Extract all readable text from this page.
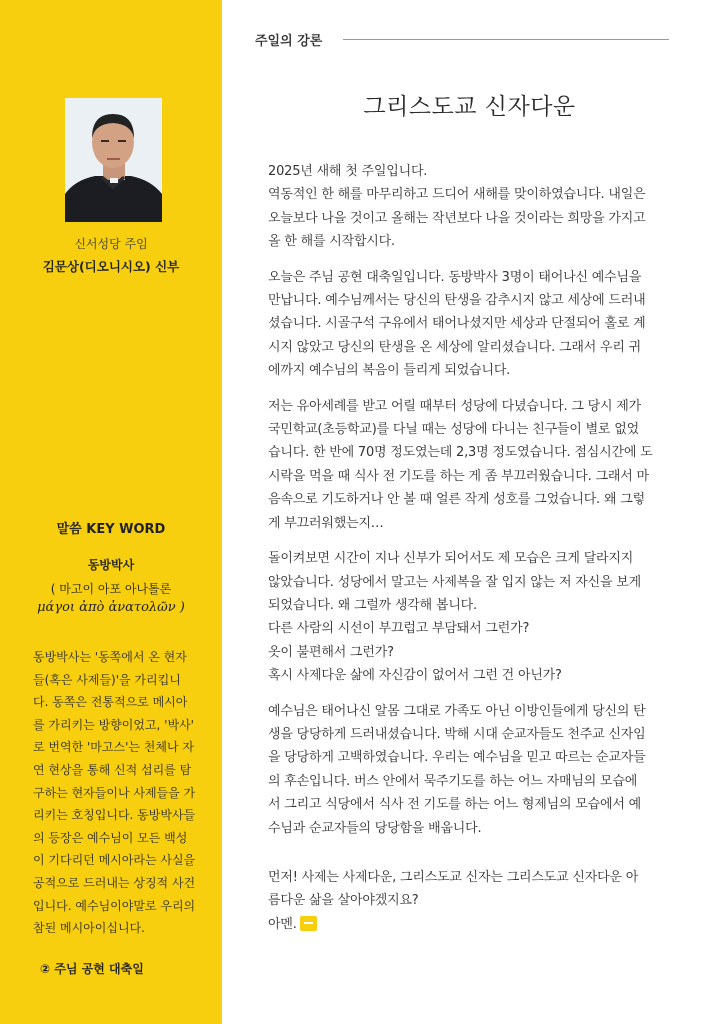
신서성당 주임
김문상(디오니시오) 신부
말씀 KEY WORD
동방박사
( 마고이 아포 아나톨론
μάγοι ἀπὸ ἀνατολῶν )
동방박사는 '동쪽에서 온 현자
들(혹은 사제들)'을 가리킵니
다. 동쪽은 전통적으로 메시아
를 가리키는 방향이었고, '박사'
로 번역한 '마고스'는 천체나 자
연 현상을 통해 신적 섭리를 탐
구하는 현자들이나 사제들을 가
리키는 호칭입니다. 동방박사들
의 등장은 예수님이 모든 백성
이 기다리던 메시아라는 사실을
공적으로 드러내는 상징적 사건
입니다. 예수님이야말로 우리의
참된 메시아이십니다.
② 주님 공현 대축일
주일의 강론
그리스도교 신자다운
2025년 새해 첫 주일입니다.
역동적인 한 해를 마무리하고 드디어 새해를 맞이하였습니다. 내일은
오늘보다 나을 것이고 올해는 작년보다 나을 것이라는 희망을 가지고
올 한 해를 시작합시다.
오늘은 주님 공현 대축일입니다. 동방박사 3명이 태어나신 예수님을
만납니다. 예수님께서는 당신의 탄생을 감추시지 않고 세상에 드러내
셨습니다. 시골구석 구유에서 태어나셨지만 세상과 단절되어 홀로 계
시지 않았고 당신의 탄생을 온 세상에 알리셨습니다. 그래서 우리 귀
에까지 예수님의 복음이 들리게 되었습니다.
저는 유아세례를 받고 어릴 때부터 성당에 다녔습니다. 그 당시 제가
국민학교(초등학교)를 다닐 때는 성당에 다니는 친구들이 별로 없었
습니다. 한 반에 70명 정도였는데 2,3명 정도였습니다. 점심시간에 도
시락을 먹을 때 식사 전 기도를 하는 게 좀 부끄러웠습니다. 그래서 마
음속으로 기도하거나 안 볼 때 얼른 작게 성호를 그었습니다. 왜 그렇
게 부끄러워했는지…
돌이켜보면 시간이 지나 신부가 되어서도 제 모습은 크게 달라지지
않았습니다. 성당에서 말고는 사제복을 잘 입지 않는 저 자신을 보게
되었습니다. 왜 그럴까 생각해 봅니다.
다른 사람의 시선이 부끄럽고 부담돼서 그런가?
옷이 불편해서 그런가?
혹시 사제다운 삶에 자신감이 없어서 그런 건 아닌가?
예수님은 태어나신 알몸 그대로 가족도 아닌 이방인들에게 당신의 탄
생을 당당하게 드러내셨습니다. 박해 시대 순교자들도 천주교 신자임
을 당당하게 고백하였습니다. 우리는 예수님을 믿고 따르는 순교자들
의 후손입니다. 버스 안에서 묵주기도를 하는 어느 자매님의 모습에
서 그리고 식당에서 식사 전 기도를 하는 어느 형제님의 모습에서 예
수님과 순교자들의 당당함을 배웁니다.
먼저! 사제는 사제다운, 그리스도교 신자는 그리스도교 신자다운 아
름다운 삶을 살아야겠지요?
아멘.
